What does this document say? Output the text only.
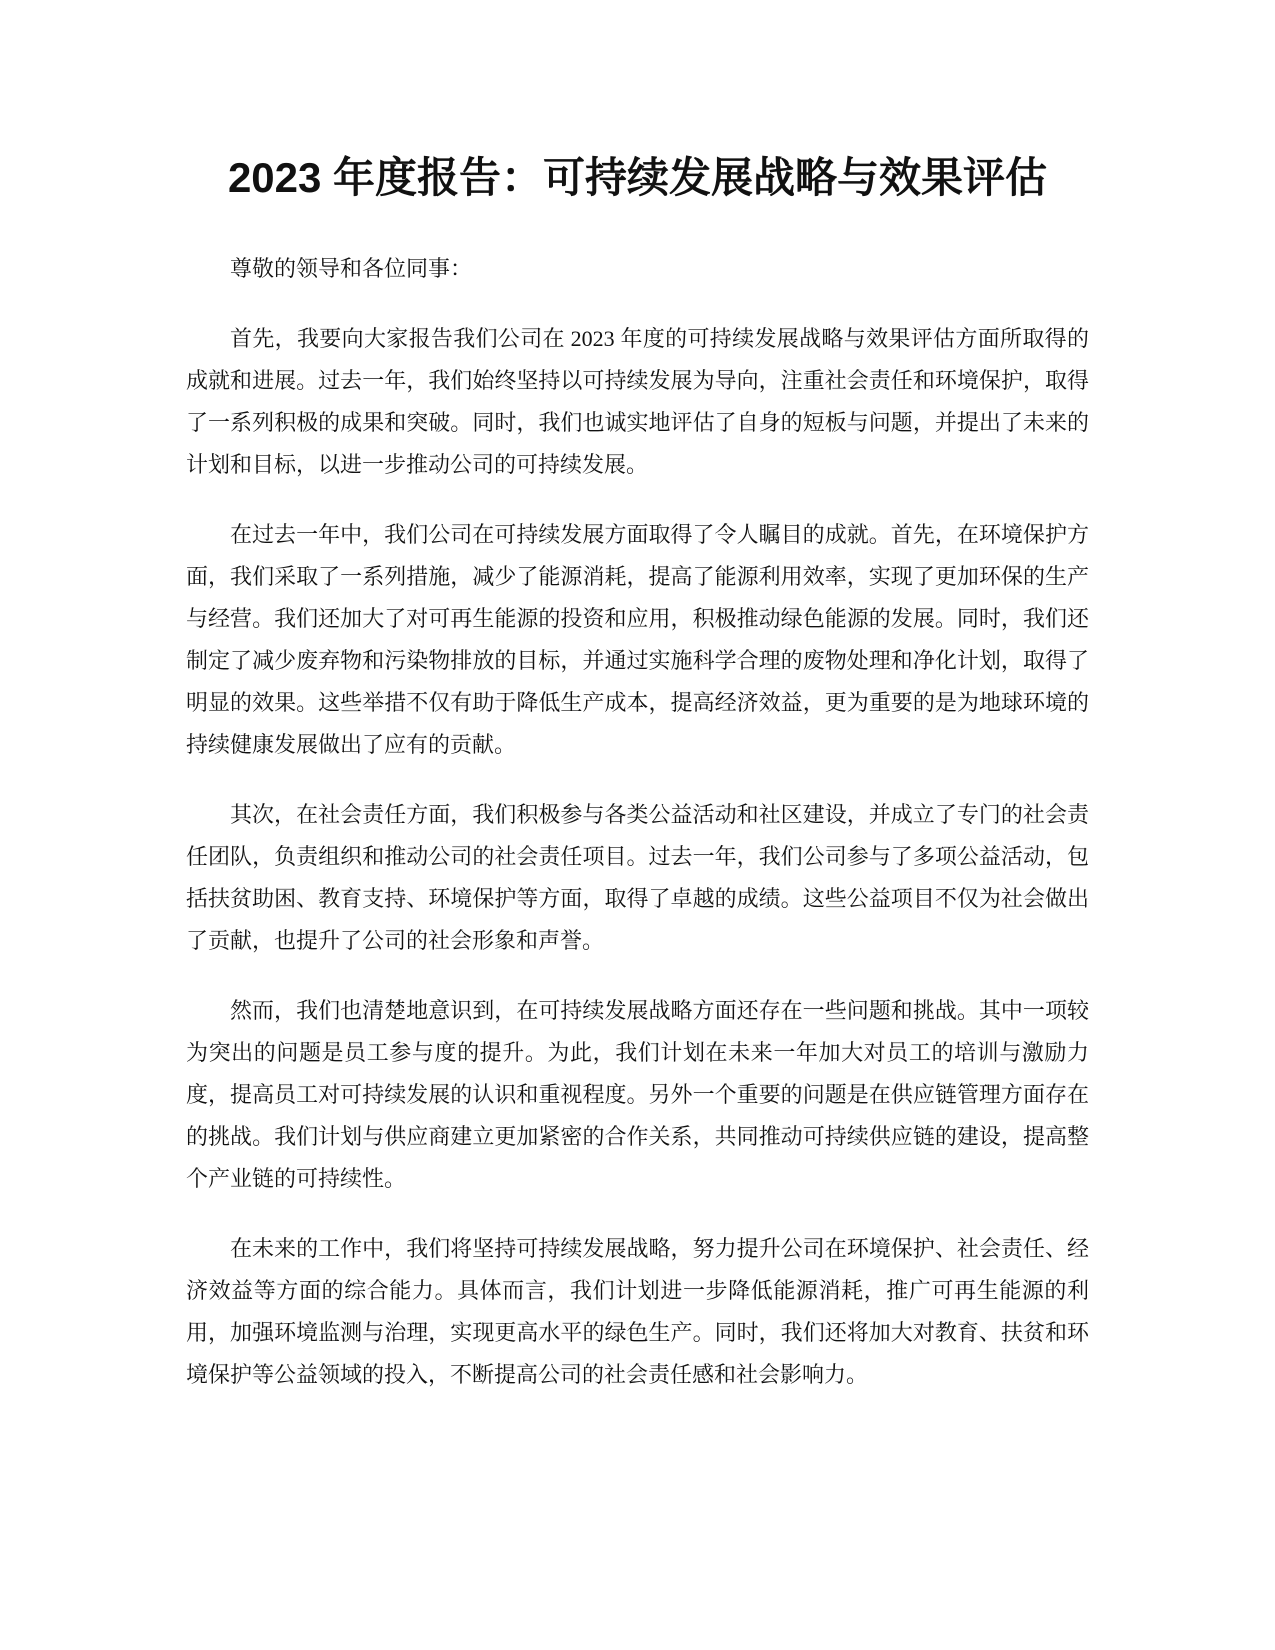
2023 年度报告：可持续发展战略与效果评估

尊敬的领导和各位同事：

首先，我要向大家报告我们公司在 2023 年度的可持续发展战略与效果评估方面所取得的成就和进展。过去一年，我们始终坚持以可持续发展为导向，注重社会责任和环境保护，取得了一系列积极的成果和突破。同时，我们也诚实地评估了自身的短板与问题，并提出了未来的计划和目标，以进一步推动公司的可持续发展。

在过去一年中，我们公司在可持续发展方面取得了令人瞩目的成就。首先，在环境保护方面，我们采取了一系列措施，减少了能源消耗，提高了能源利用效率，实现了更加环保的生产与经营。我们还加大了对可再生能源的投资和应用，积极推动绿色能源的发展。同时，我们还制定了减少废弃物和污染物排放的目标，并通过实施科学合理的废物处理和净化计划，取得了明显的效果。这些举措不仅有助于降低生产成本，提高经济效益，更为重要的是为地球环境的持续健康发展做出了应有的贡献。

其次，在社会责任方面，我们积极参与各类公益活动和社区建设，并成立了专门的社会责任团队，负责组织和推动公司的社会责任项目。过去一年，我们公司参与了多项公益活动，包括扶贫助困、教育支持、环境保护等方面，取得了卓越的成绩。这些公益项目不仅为社会做出了贡献，也提升了公司的社会形象和声誉。

然而，我们也清楚地意识到，在可持续发展战略方面还存在一些问题和挑战。其中一项较为突出的问题是员工参与度的提升。为此，我们计划在未来一年加大对员工的培训与激励力度，提高员工对可持续发展的认识和重视程度。另外一个重要的问题是在供应链管理方面存在的挑战。我们计划与供应商建立更加紧密的合作关系，共同推动可持续供应链的建设，提高整个产业链的可持续性。

在未来的工作中，我们将坚持可持续发展战略，努力提升公司在环境保护、社会责任、经济效益等方面的综合能力。具体而言，我们计划进一步降低能源消耗，推广可再生能源的利用，加强环境监测与治理，实现更高水平的绿色生产。同时，我们还将加大对教育、扶贫和环境保护等公益领域的投入，不断提高公司的社会责任感和社会影响力。
